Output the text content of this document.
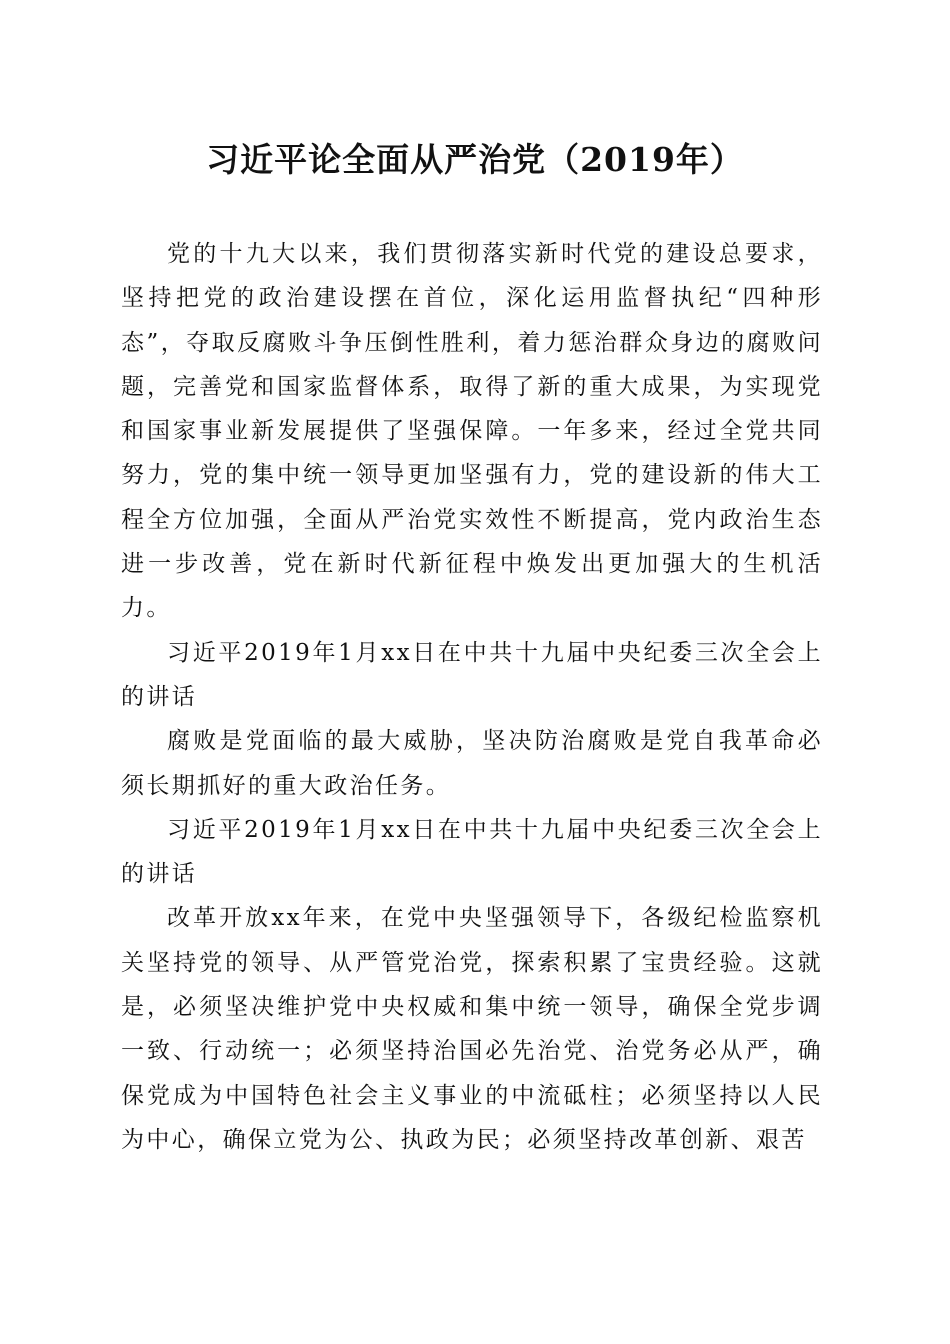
习近平论全面从严治党（2019年）

党的十九大以来，我们贯彻落实新时代党的建设总要求，坚持把党的政治建设摆在首位，深化运用监督执纪“四种形态”，夺取反腐败斗争压倒性胜利，着力惩治群众身边的腐败问题，完善党和国家监督体系，取得了新的重大成果，为实现党和国家事业新发展提供了坚强保障。一年多来，经过全党共同努力，党的集中统一领导更加坚强有力，党的建设新的伟大工程全方位加强，全面从严治党实效性不断提高，党内政治生态进一步改善，党在新时代新征程中焕发出更加强大的生机活力。

习近平2019年1月xx日在中共十九届中央纪委三次全会上的讲话

腐败是党面临的最大威胁，坚决防治腐败是党自我革命必须长期抓好的重大政治任务。

习近平2019年1月xx日在中共十九届中央纪委三次全会上的讲话

改革开放xx年来，在党中央坚强领导下，各级纪检监察机关坚持党的领导、从严管党治党，探索积累了宝贵经验。这就是，必须坚决维护党中央权威和集中统一领导，确保全党步调一致、行动统一；必须坚持治国必先治党、治党务必从严，确保党成为中国特色社会主义事业的中流砥柱；必须坚持以人民为中心，确保立党为公、执政为民；必须坚持改革创新、艰苦
